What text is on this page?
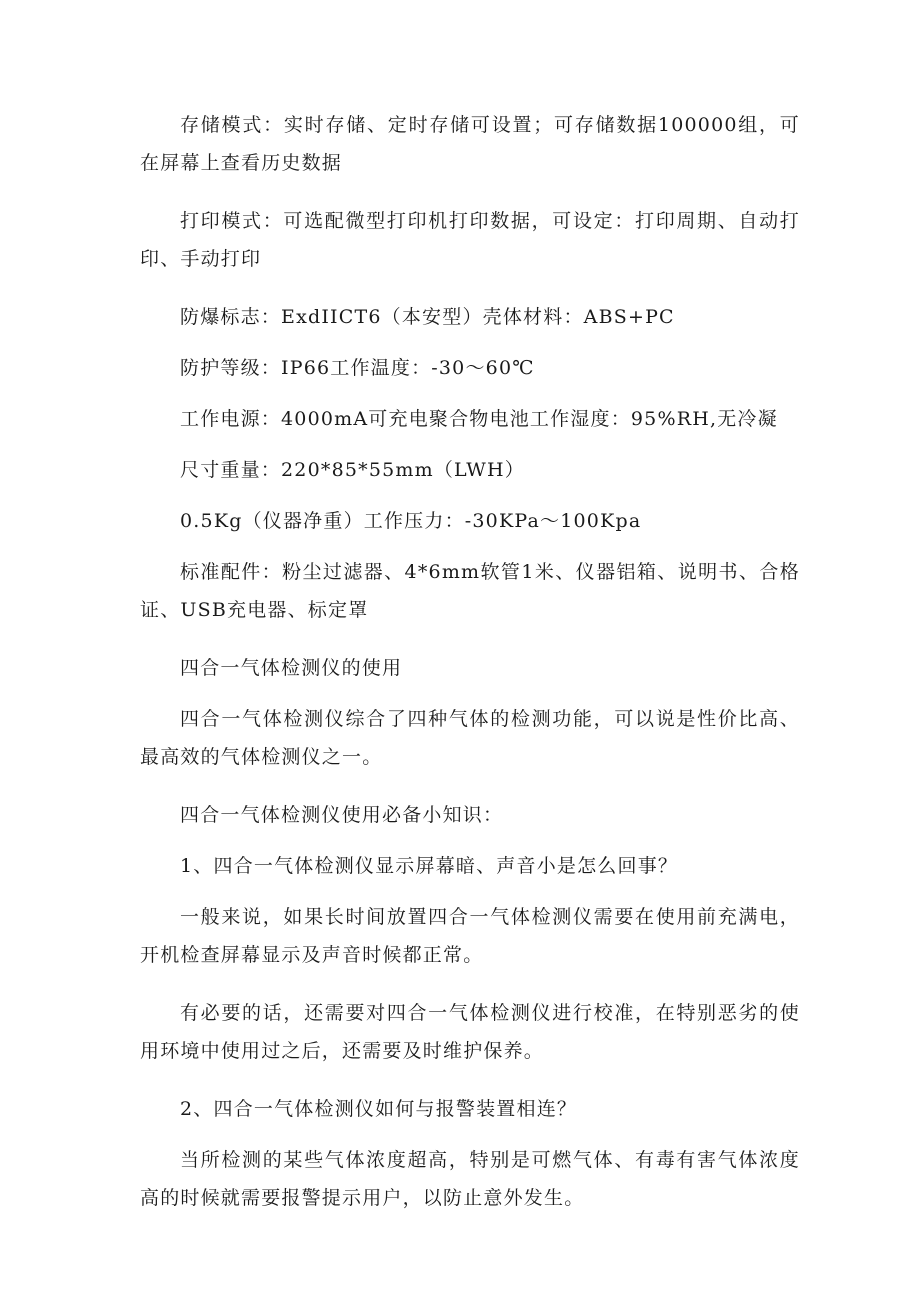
存储模式：实时存储、定时存储可设置；可存储数据100000组，可在屏幕上查看历史数据

打印模式：可选配微型打印机打印数据，可设定：打印周期、自动打印、手动打印

防爆标志：ExdIICT6（本安型）壳体材料：ABS+PC

防护等级：IP66工作温度：-30～60℃

工作电源：4000mA可充电聚合物电池工作湿度：95%RH,无冷凝

尺寸重量：220*85*55mm（LWH）

0.5Kg（仪器净重）工作压力：-30KPa～100Kpa

标准配件：粉尘过滤器、4*6mm软管1米、仪器铝箱、说明书、合格证、USB充电器、标定罩

四合一气体检测仪的使用

四合一气体检测仪综合了四种气体的检测功能，可以说是性价比高、最高效的气体检测仪之一。

四合一气体检测仪使用必备小知识：

1、四合一气体检测仪显示屏幕暗、声音小是怎么回事？

一般来说，如果长时间放置四合一气体检测仪需要在使用前充满电，开机检查屏幕显示及声音时候都正常。

有必要的话，还需要对四合一气体检测仪进行校准，在特别恶劣的使用环境中使用过之后，还需要及时维护保养。

2、四合一气体检测仪如何与报警装置相连？

当所检测的某些气体浓度超高，特别是可燃气体、有毒有害气体浓度高的时候就需要报警提示用户，以防止意外发生。
